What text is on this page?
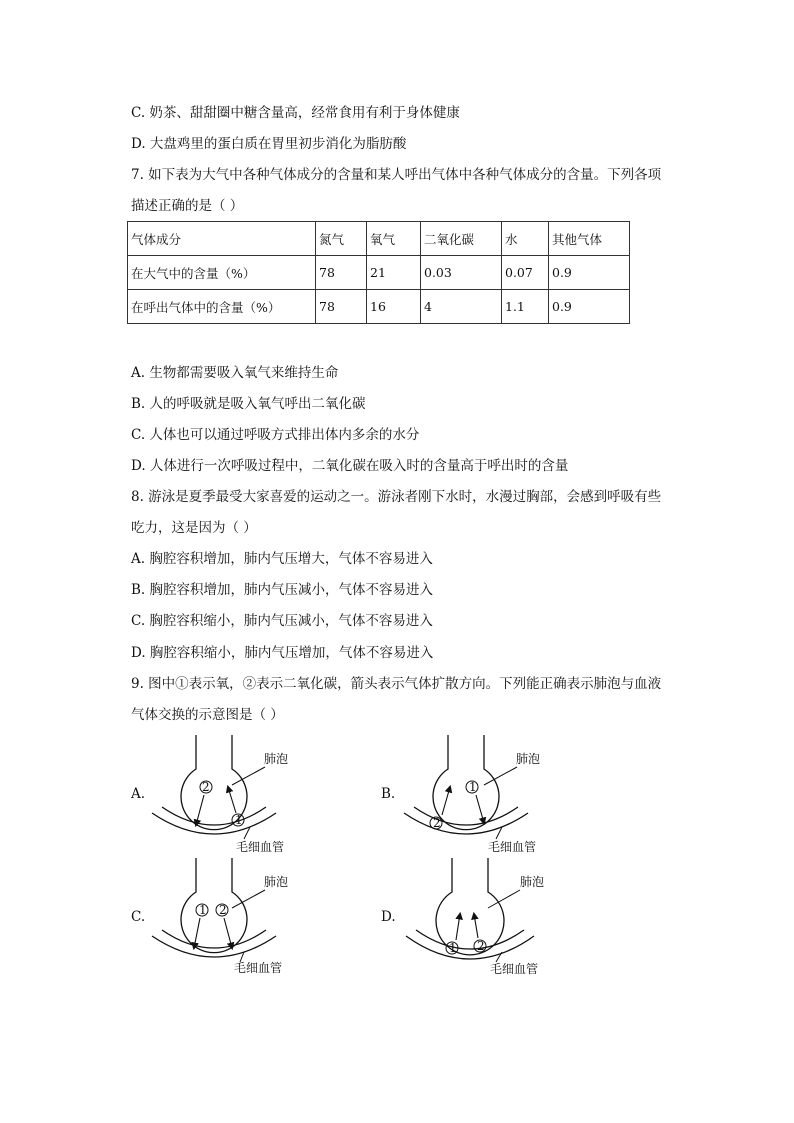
C. 奶茶、甜甜圈中糖含量高，经常食用有利于身体健康
D. 大盘鸡里的蛋白质在胃里初步消化为脂肪酸
7. 如下表为大气中各种气体成分的含量和某人呼出气体中各种气体成分的含量。下列各项
描述正确的是（ ）
气体成分	氮气	氧气	二氧化碳	水	其他气体
在大气中的含量（%）	78	21	0.03	0.07	0.9
在呼出气体中的含量（%）	78	16	4	1.1	0.9
A. 生物都需要吸入氧气来维持生命
B. 人的呼吸就是吸入氧气呼出二氧化碳
C. 人体也可以通过呼吸方式排出体内多余的水分
D. 人体进行一次呼吸过程中，二氧化碳在吸入时的含量高于呼出时的含量
8. 游泳是夏季最受大家喜爱的运动之一。游泳者刚下水时，水漫过胸部，会感到呼吸有些
吃力，这是因为（ ）
A. 胸腔容积增加，肺内气压增大，气体不容易进入
B. 胸腔容积增加，肺内气压减小，气体不容易进入
C. 胸腔容积缩小，肺内气压减小，气体不容易进入
D. 胸腔容积缩小，肺内气压增加，气体不容易进入
9. 图中①表示氧，②表示二氧化碳，箭头表示气体扩散方向。下列能正确表示肺泡与血液
气体交换的示意图是（ ）
A.	B.
C.	D.
肺泡
毛细血管
2
1
肺泡
毛细血管
1
2
肺泡
毛细血管
1 2
肺泡
毛细血管
1 2
